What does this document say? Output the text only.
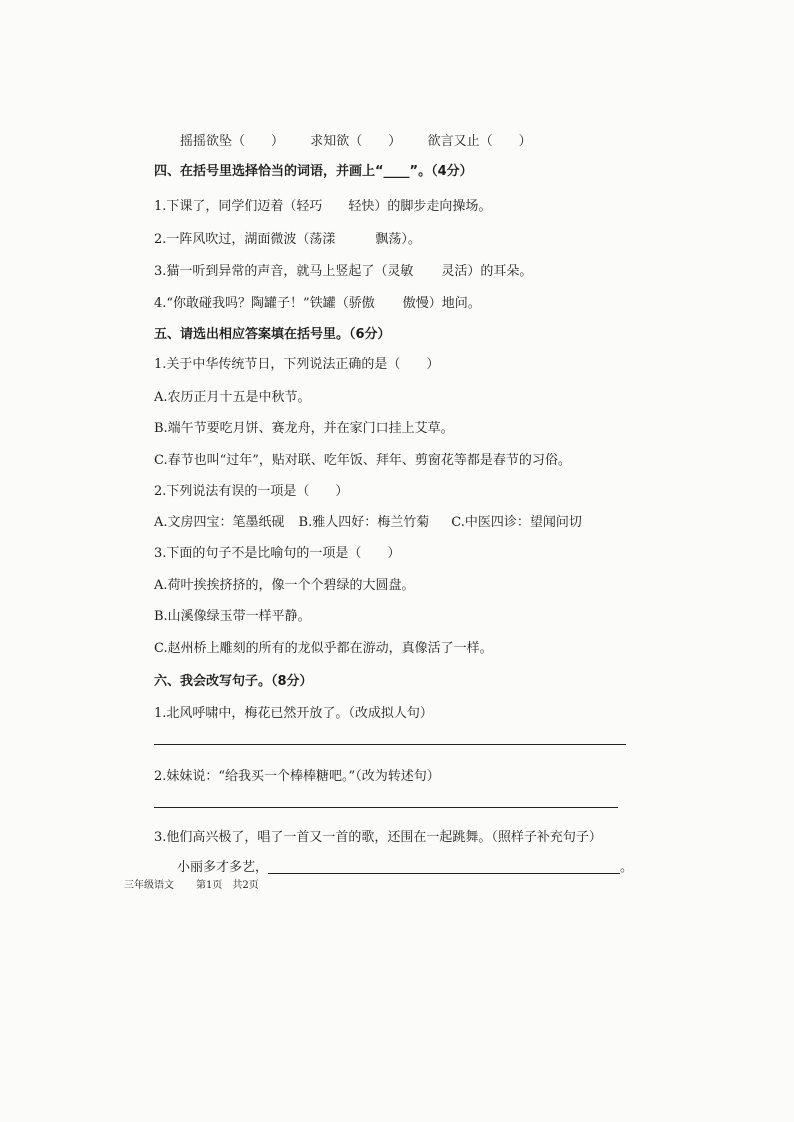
摇摇欲坠（　　） 求知欲（　　） 欲言又止（　　）
四、在括号里选择恰当的词语，并画上“____”。（4分）
1.下课了，同学们迈着（轻巧 轻快）的脚步走向操场。
2.一阵风吹过，湖面微波（荡漾	飘荡）。
3.猫一听到异常的声音，就马上竖起了（灵敏 灵活）的耳朵。
4.“你敢碰我吗？陶罐子！”铁罐（骄傲 傲慢）地问。
五、请选出相应答案填在括号里。（6分）
1.关于中华传统节日，下列说法正确的是（　　）
A.农历正月十五是中秋节。
B.端午节要吃月饼、赛龙舟，并在家门口挂上艾草。
C.春节也叫“过年”，贴对联、吃年饭、拜年、剪窗花等都是春节的习俗。
2.下列说法有误的一项是（　　）
A.文房四宝：笔墨纸砚 B.雅人四好：梅兰竹菊 C.中医四诊：望闻问切
3.下面的句子不是比喻句的一项是（　　）
A.荷叶挨挨挤挤的，像一个个碧绿的大圆盘。
B.山溪像绿玉带一样平静。
C.赵州桥上雕刻的所有的龙似乎都在游动，真像活了一样。
六、我会改写句子。（8分）
1.北风呼啸中，梅花已然开放了。（改成拟人句）
2.妹妹说：“给我买一个棒棒糖吧。”（改为转述句）
3.他们高兴极了，唱了一首又一首的歌，还围在一起跳舞。（照样子补充句子）
小丽多才多艺，	。
三年级语文 第1页 共2页
